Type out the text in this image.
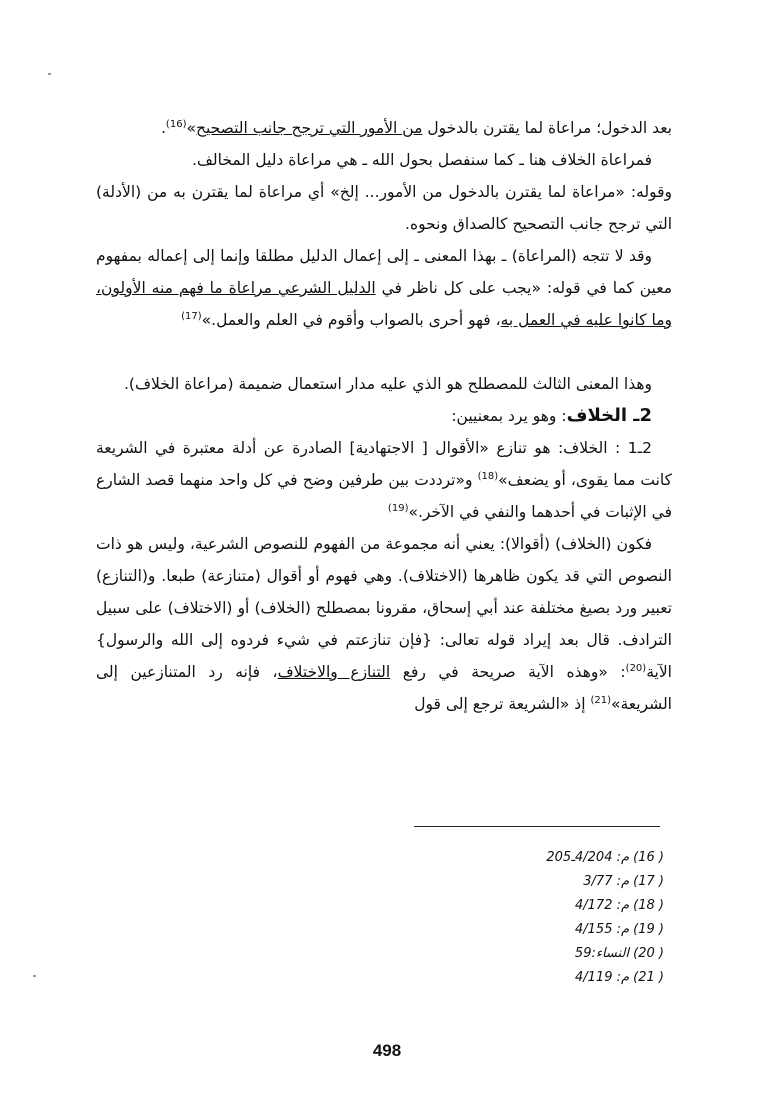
بعد الدخول؛ مراعاة لما يقترن بالدخول من الأمور التي ترجح جانب التصحيح»$^{(16)}$.

فمراعاة الخلاف هنا ـ كما سنفصل بحول الله ـ هي مراعاة دليل المخالف.

وقوله: «مراعاة لما يقترن بالدخول من الأمور... إلخ» أي مراعاة لما يقترن به من (الأدلة) التي ترجح جانب التصحيح كالصداق ونحوه.

وقد لا تتجه (المراعاة) ـ بهذا المعنى ـ إلى إعمال الدليل مطلقا وإنما إلى إعماله بمفهوم معين كما في قوله: «يجب على كل ناظر في الدليل الشرعي مراعاة ما فهم منه الأولون، وما كانوا عليه في العمل به، فهو أحرى بالصواب وأقوم في العلم والعمل.»$^{(17)}$

وهذا المعنى الثالث للمصطلح هو الذي عليه مدار استعمال ضميمة (مراعاة الخلاف).

2ـ الخلاف: وهو يرد بمعنيين:

2ـ1 : الخلاف: هو تنازع «الأقوال [ الاجتهادية] الصادرة عن أدلة معتبرة في الشريعة كانت مما يقوى، أو يضعف»$^{(18)}$ و«ترددت بين طرفين وضح في كل واحد منهما قصد الشارع في الإثبات في أحدهما والنفي في الآخر.»$^{(19)}$

فكون (الخلاف) (أقوالا): يعني أنه مجموعة من الفهوم للنصوص الشرعية، وليس هو ذات النصوص التي قد يكون ظاهرها (الاختلاف). وهي فهوم أو أقوال (متنازعة) طبعا. و(التنازع) تعبير ورد بصيغ مختلفة عند أبي إسحاق، مقرونا بمصطلح (الخلاف) أو (الاختلاف) على سبيل الترادف. قال بعد إيراد قوله تعالى: {فإن تنازعتم في شيء فردوه إلى الله والرسول} الآية$^{(20)}$: «وهذه الآية صريحة في رفع التنازع والاختلاف، فإنه رد المتنازعين إلى الشريعة»$^{(21)}$ إذ «الشريعة ترجع إلى قول

( 16) م: 4/204ـ205
( 17) م: 3/77
( 18) م: 4/172
( 19) م: 4/155
( 20) النساء:59
( 21) م: 4/119
498
